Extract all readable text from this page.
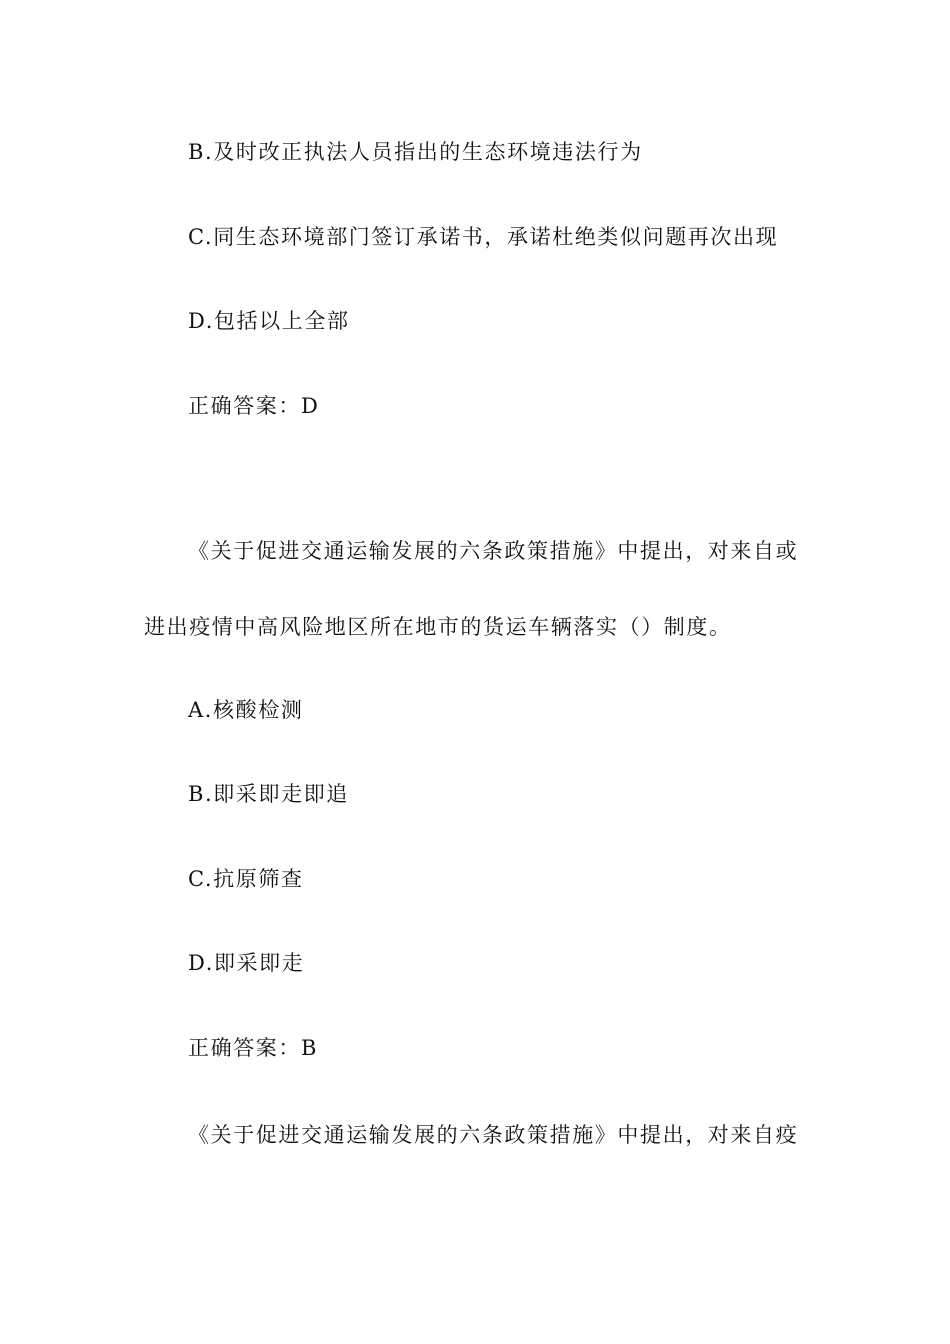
B.及时改正执法人员指出的生态环境违法行为
C.同生态环境部门签订承诺书，承诺杜绝类似问题再次出现
D.包括以上全部
正确答案：D
《关于促进交通运输发展的六条政策措施》中提出，对来自或
进出疫情中高风险地区所在地市的货运车辆落实（）制度。
A.核酸检测
B.即采即走即追
C.抗原筛查
D.即采即走
正确答案：B
《关于促进交通运输发展的六条政策措施》中提出，对来自疫
